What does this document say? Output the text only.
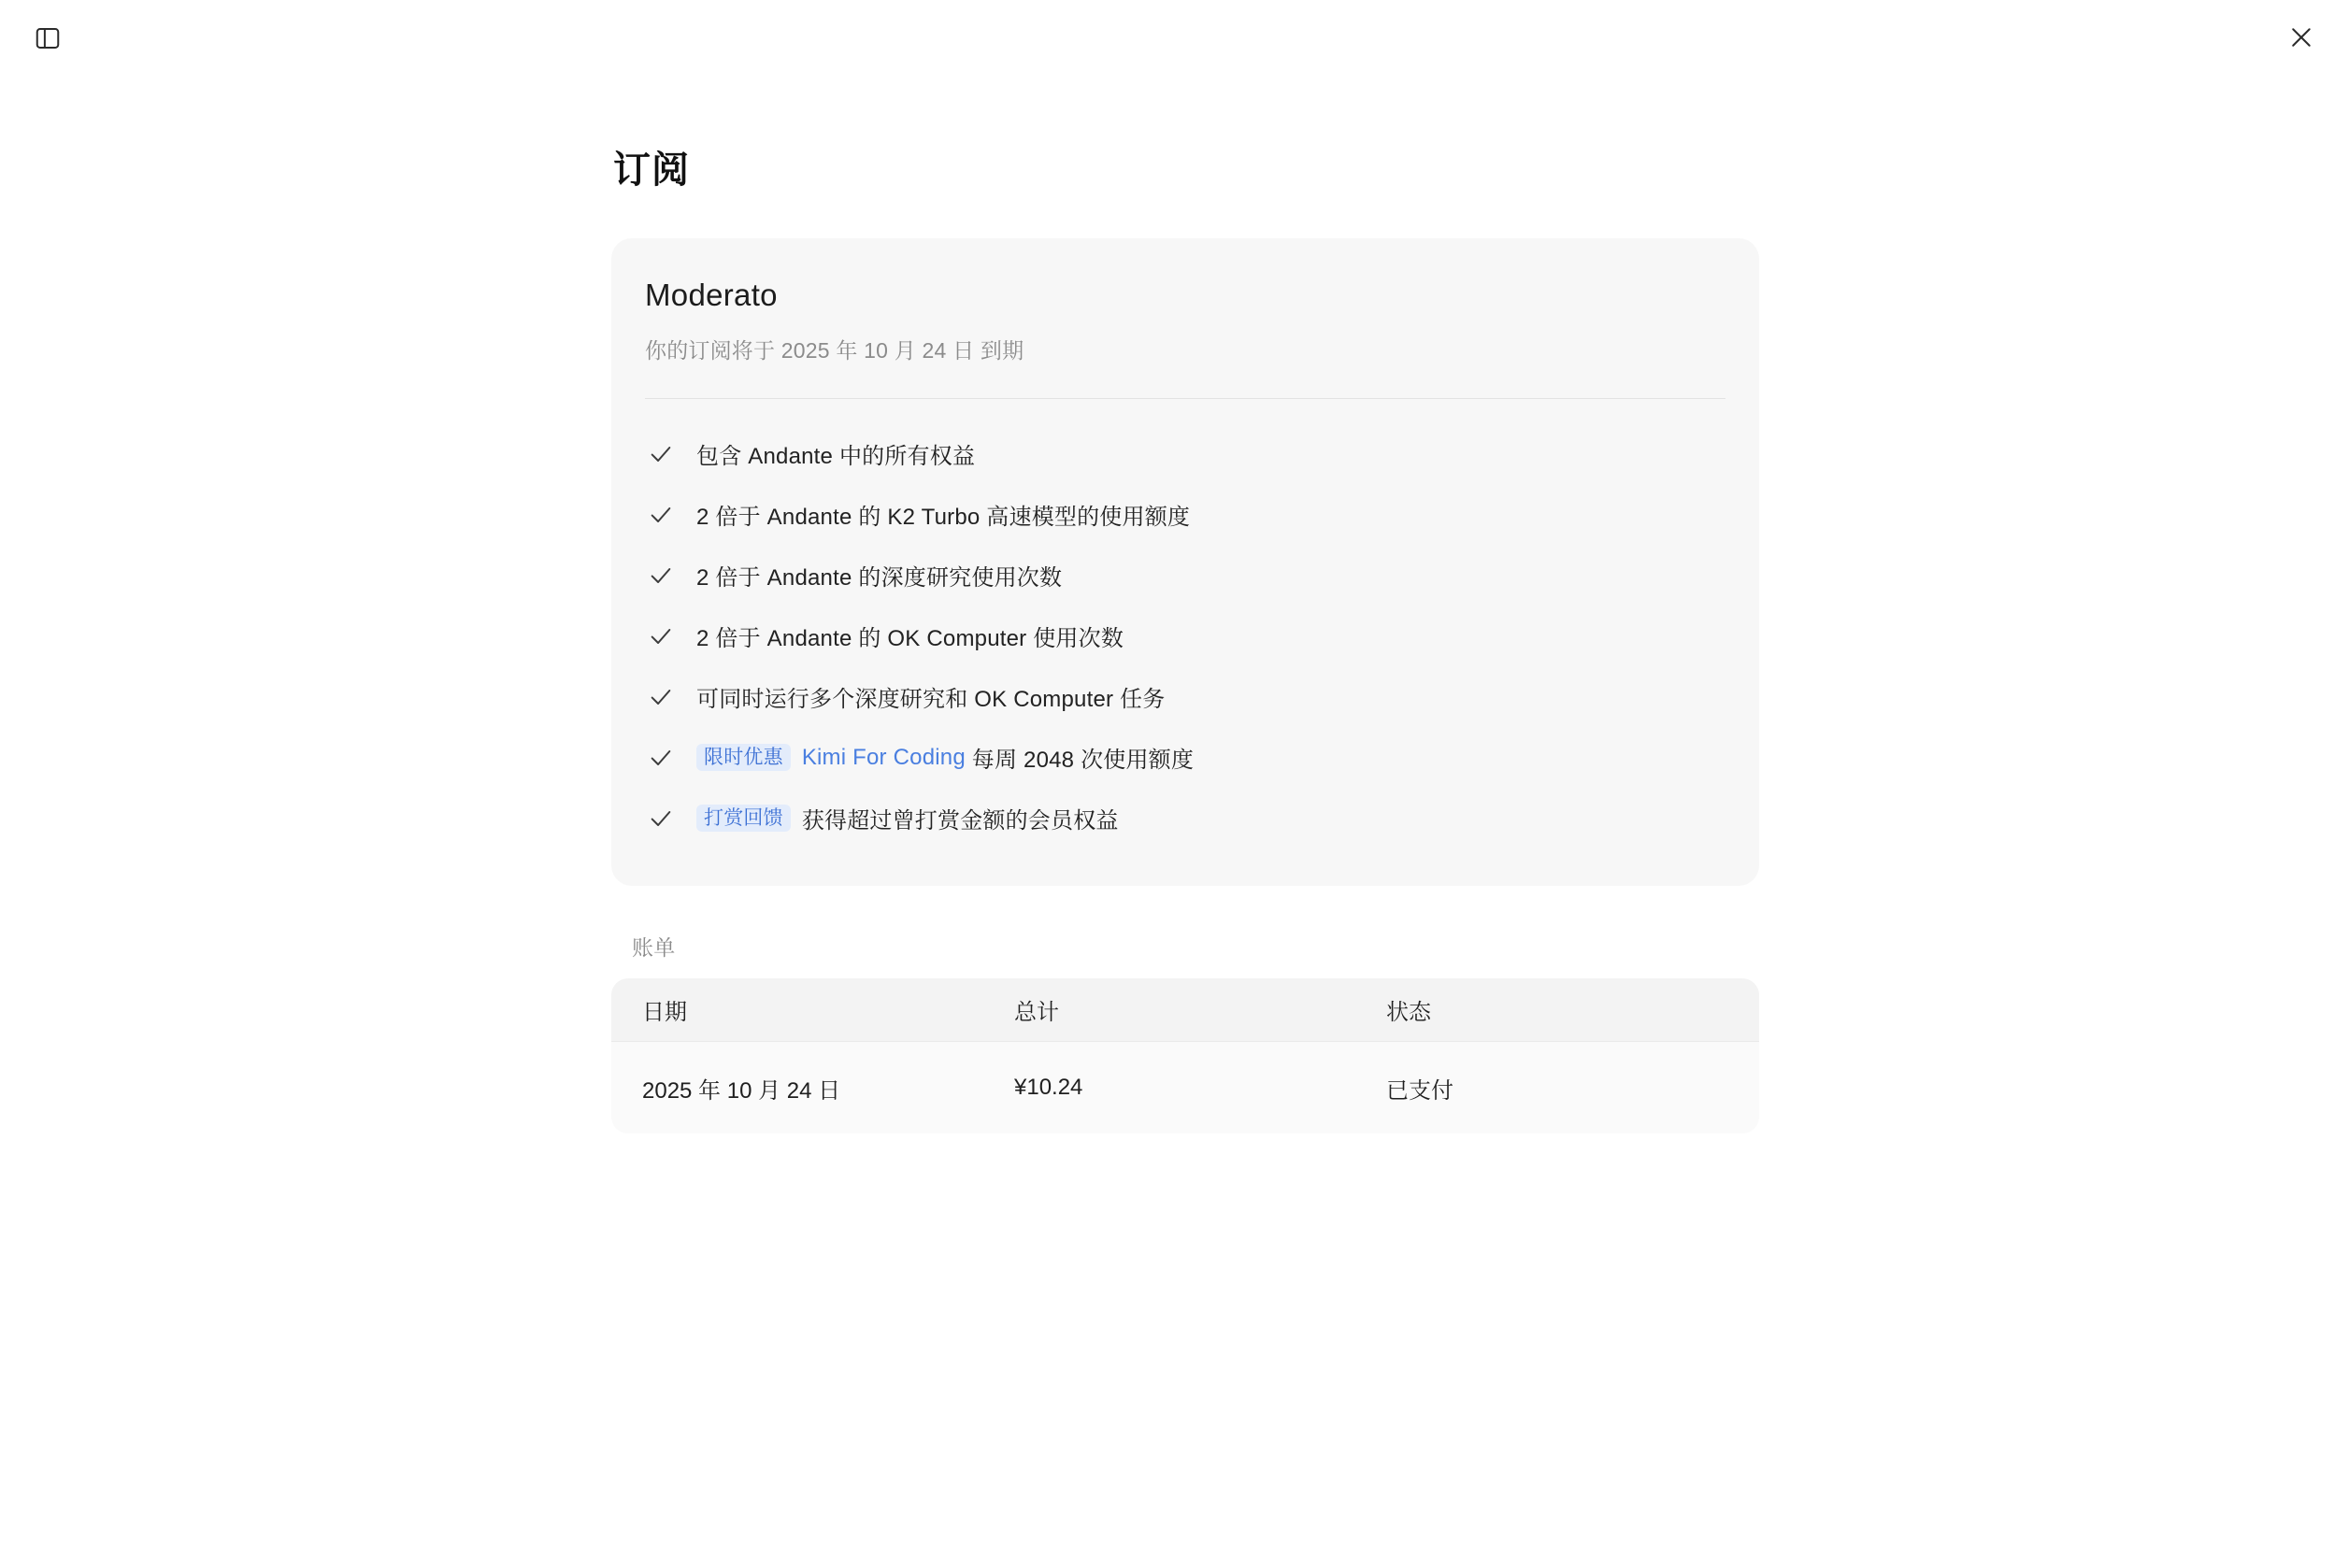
订阅
Moderato
你的订阅将于 2025 年 10 月 24 日 到期
包含 Andante 中的所有权益
2 倍于 Andante 的 K2 Turbo 高速模型的使用额度
2 倍于 Andante 的深度研究使用次数
2 倍于 Andante 的 OK Computer 使用次数
可同时运行多个深度研究和 OK Computer 任务
限时优惠 Kimi For Coding
每周 2048 次使用额度
打赏回馈 获得超过曾打赏金额的会员权益
账单
日期	总计	状态
2025 年 10 月 24 日	¥10.24	已支付
